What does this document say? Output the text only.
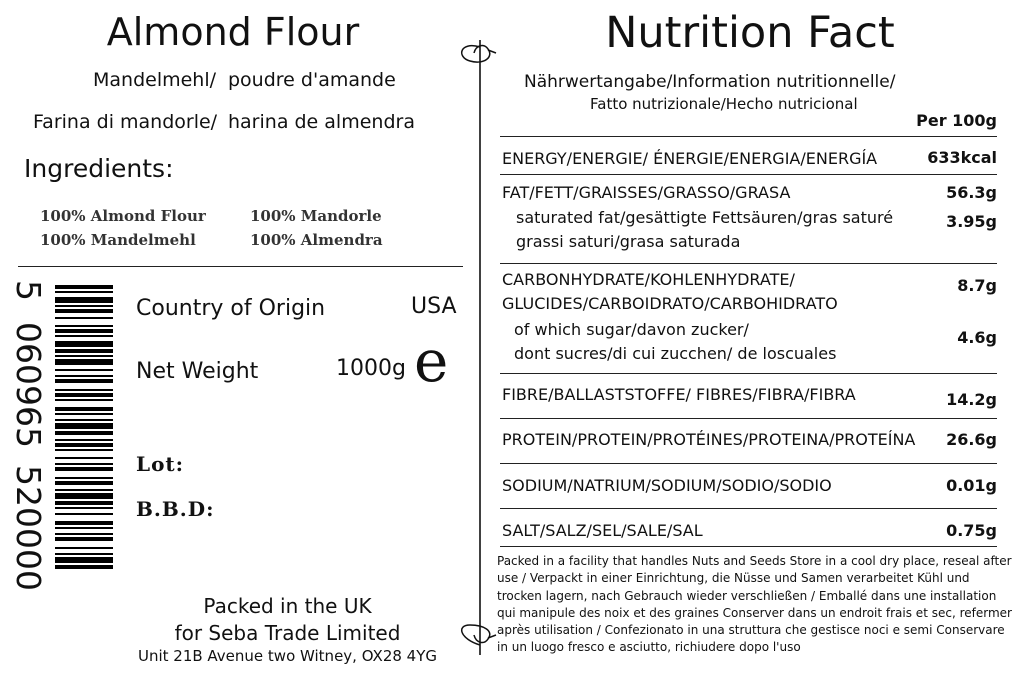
Almond Flour
Mandelmehl/ poudre d'amande
Farina di mandorle/ harina de almendra
Ingredients:
100% Almond Flour	100% Mandorle
100% Mandelmehl	100% Almendra
5
060965
520000
Country of Origin	USA
Net Weight	1000g e
Lot:
B.B.D:
Packed in the UK
for Seba Trade Limited
Unit 21B Avenue two Witney, OX28 4YG
Nutrition Fact
Nährwertangabe/Information nutritionnelle/
Fatto nutrizionale/Hecho nutricional
Per 100g
ENERGY/ENERGIE/ ÉNERGIE/ENERGIA/ENERGÍA	633kcal
FAT/FETT/GRAISSES/GRASSO/GRASA	56.3g
saturated fat/gesättigte Fettsäuren/gras saturé
grassi saturi/grasa saturada
3.95g
CARBONHYDRATE/KOHLENHYDRATE/
GLUCIDES/CARBOIDRATO/CARBOHIDRATO
8.7g
of which sugar/davon zucker/
dont sucres/di cui zucchen/ de loscuales
4.6g
FIBRE/BALLASTSTOFFE/ FIBRES/FIBRA/FIBRA	14.2g
PROTEIN/PROTEIN/PROTÉINES/PROTEINA/PROTEÍNA 26.6g
SODIUM/NATRIUM/SODIUM/SODIO/SODIO	0.01g
SALT/SALZ/SEL/SALE/SAL	0.75g
Packed in a facility that handles Nuts and Seeds Store in a cool dry place, reseal after use / Verpackt in einer Einrichtung, die Nüsse und Samen verarbeitet Kühl und trocken lagern, nach Gebrauch wieder verschließen / Emballé dans une installation qui manipule des noix et des graines Conserver dans un endroit frais et sec, refermer après utilisation / Confezionato in una struttura che gestisce noci e semi Conservare in un luogo fresco e asciutto, richiudere dopo l'uso
